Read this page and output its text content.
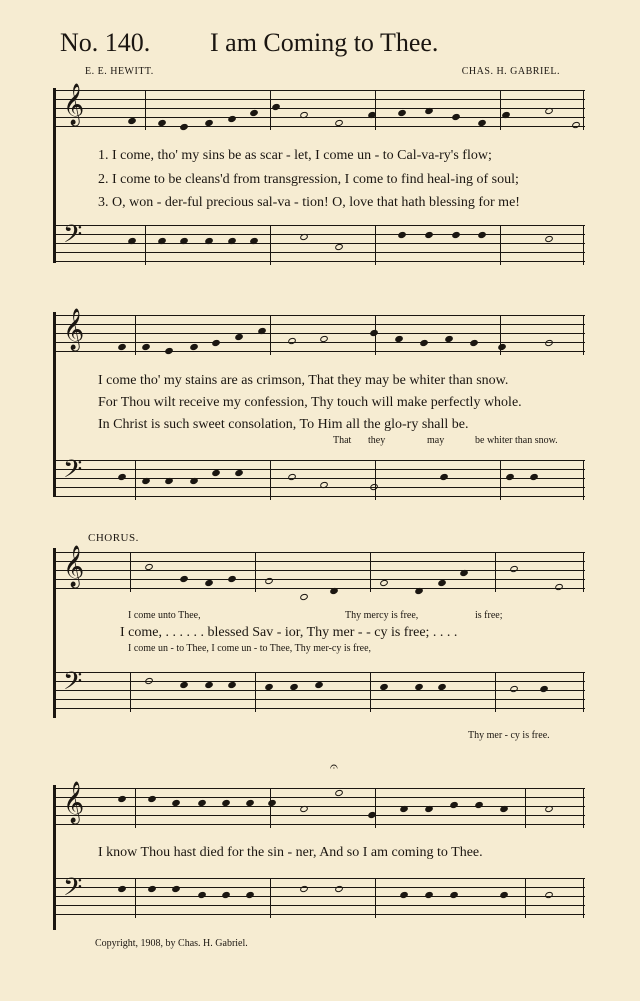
No. 140. I am Coming to Thee.
E. E. HEWITT.	CHAS. H. GABRIEL.
𝄞
1. I come, tho' my sins be as scar - let, I come un - to Cal-va-ry's flow;
2. I come to be cleans'd from transgression, I come to find heal-ing of soul;
3. O, won - der-ful precious sal-va - tion! O, love that hath blessing for me!
𝄢
𝄞
I come tho' my stains are as crimson, That they may be whiter than snow.
For Thou wilt receive my confession, Thy touch will make perfectly whole.
In Christ is such sweet consolation, To Him all the glo-ry shall be.
That they	may	be whiter than snow.
𝄢
CHORUS.
𝄞
I come unto Thee,	Thy mercy is free,	is free;
I come, . . . . . . blessed Sav - ior, Thy mer - - cy is free; . . . .
I come un - to Thee, I come un - to Thee, Thy mer-cy is free,
𝄢
Thy mer - cy is free.
𝄞
𝄐
I know Thou hast died for the sin - ner, And so I am coming to Thee.
𝄢
Copyright, 1908, by Chas. H. Gabriel.
